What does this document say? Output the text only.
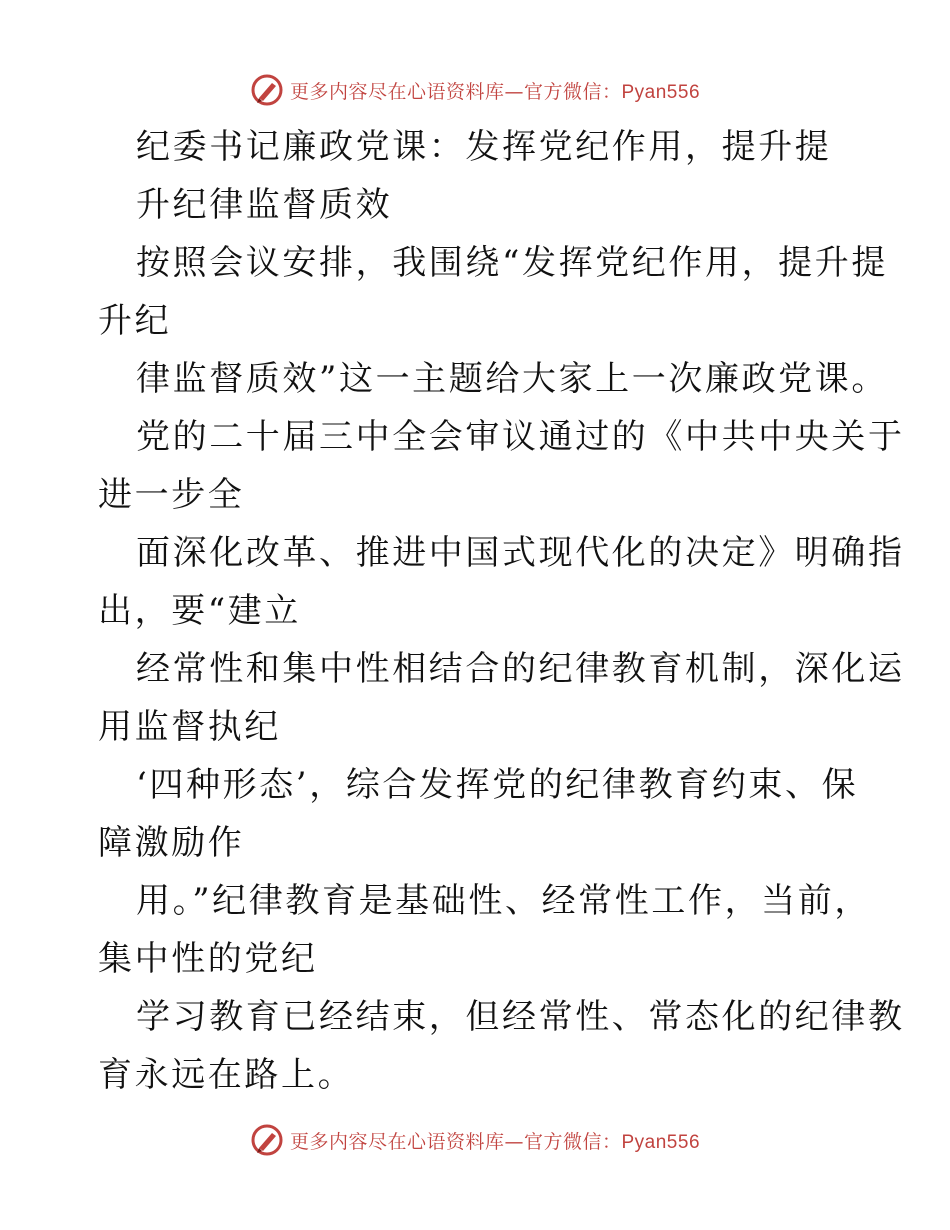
更多内容尽在心语资料库—官方微信：Pyan556
纪委书记廉政党课：发挥党纪作用，提升提
升纪律监督质效
按照会议安排，我围绕“发挥党纪作用，提升提
升纪
律监督质效”这一主题给大家上一次廉政党课。
党的二十届三中全会审议通过的《中共中央关于
进一步全
面深化改革、推进中国式现代化的决定》明确指
出，要“建立
经常性和集中性相结合的纪律教育机制，深化运
用监督执纪
‘四种形态’，综合发挥党的纪律教育约束、保
障激励作
用。”纪律教育是基础性、经常性工作，当前，
集中性的党纪
学习教育已经结束，但经常性、常态化的纪律教
育永远在路上。
更多内容尽在心语资料库—官方微信：Pyan556
